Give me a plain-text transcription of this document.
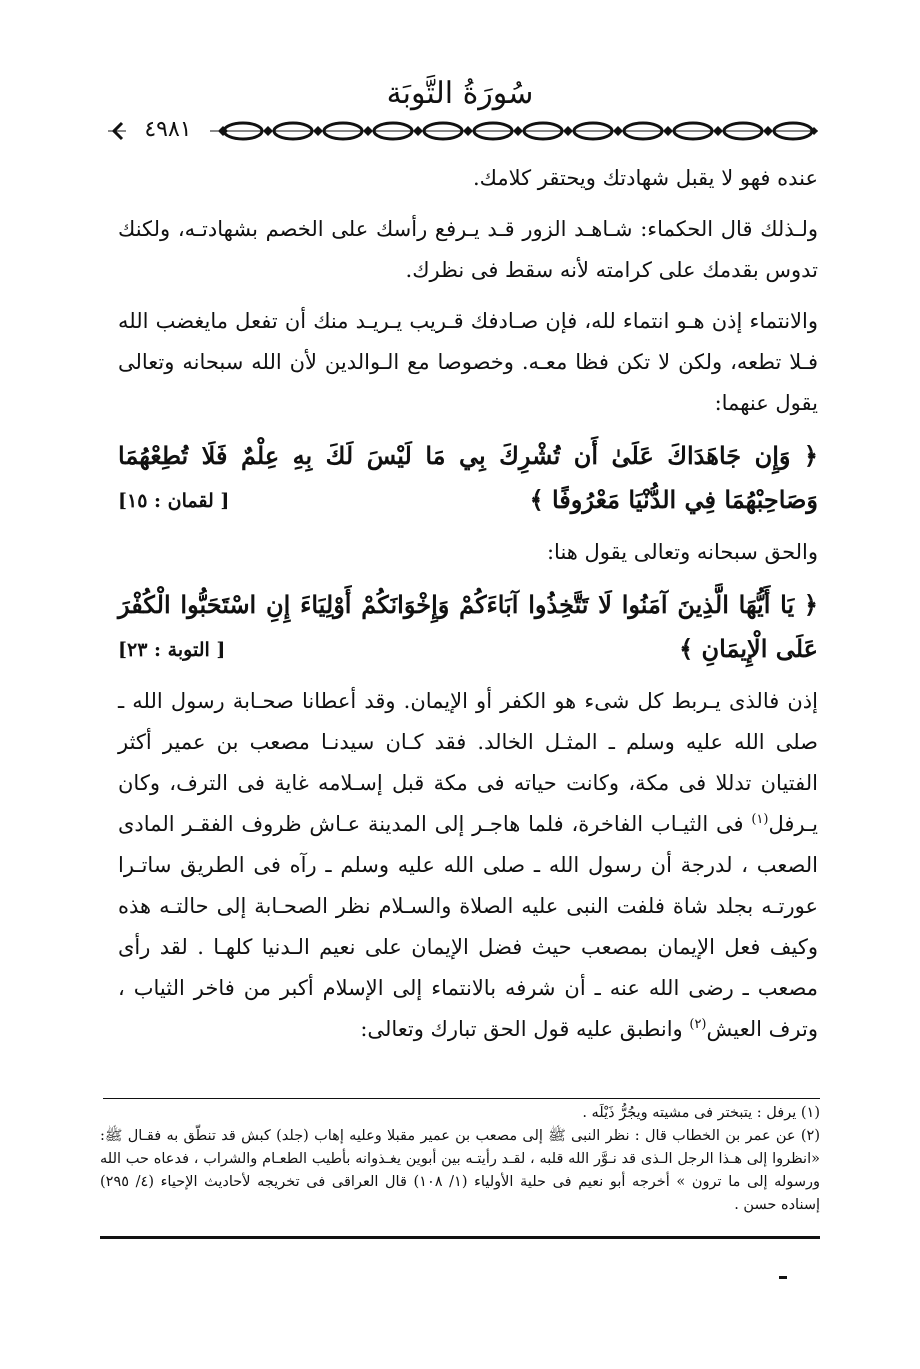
سُورَةُ التَّوبَة
٤٩٨١

عنده فهو لا يقبل شهادتك ويحتقر كلامك.

ولـذلك قال الحكماء: شـاهـد الزور قـد يـرفع رأسك على الخصم بشهادتـه، ولكنك تدوس بقدمك على كرامته لأنه سقط فى نظرك.

والانتماء إذن هـو انتماء لله، فإن صـادفك قـريب يـريـد منك أن تفعل مايغضب الله فـلا تطعه، ولكن لا تكن فظا معـه. وخصوصا مع الـوالدين لأن الله سبحانه وتعالى يقول عنهما:

﴿ وَإِن جَاهَدَاكَ عَلَىٰ أَن تُشْرِكَ بِي مَا لَيْسَ لَكَ بِهِ عِلْمٌ فَلَا تُطِعْهُمَا وَصَاحِبْهُمَا فِي الدُّنْيَا مَعْرُوفًا ﴾
[ لقمان : ١٥]

والحق سبحانه وتعالى يقول هنا:

﴿ يَا أَيُّهَا الَّذِينَ آمَنُوا لَا تَتَّخِذُوا آبَاءَكُمْ وَإِخْوَانَكُمْ أَوْلِيَاءَ إِنِ اسْتَحَبُّوا الْكُفْرَ عَلَى الْإِيمَانِ ﴾
[ التوبة : ٢٣]

إذن فالذى يـربط كل شىء هو الكفر أو الإيمان. وقد أعطانا صحـابة رسول الله ـ صلى الله عليه وسلم ـ المثـل الخالد. فقد كـان سيدنـا مصعب بن عمير أكثر الفتيان تدللا فى مكة، وكانت حياته فى مكة قبل إسـلامه غاية فى الترف، وكان يـرفل$^{(١)}$ فى الثيـاب الفاخرة، فلما هاجـر إلى المدينة عـاش ظروف الفقـر المادى الصعب ، لدرجة أن رسول الله ـ صلى الله عليه وسلم ـ رآه فى الطريق ساتـرا عورتـه بجلد شاة فلفت النبى عليه الصلاة والسـلام نظر الصحـابة إلى حالتـه هذه وكيف فعل الإيمان بمصعب حيث فضل الإيمان على نعيم الـدنيا كلهـا . لقد رأى مصعب ـ رضى الله عنه ـ أن شرفه بالانتماء إلى الإسلام أكبر من فاخر الثياب ، وترف العيش$^{(٢)}$ وانطبق عليه قول الحق تبارك وتعالى:

(١) يرفل : يتبختر فى مشيته ويجُرُّ ذَيْلَه .

(٢) عن عمر بن الخطاب قال : نظر النبى ﷺ إلى مصعب بن عمير مقبلا وعليه إهاب (جلد) كبش قد تنطّق به فقـال ﷺ: «انظروا إلى هـذا الرجل الـذى قد نـوَّر الله قلبه ، لقـد رأيتـه بين أبوين يغـذوانه بأطيب الطعـام والشراب ، فدعاه حب الله ورسوله إلى ما ترون » أخرجه أبو نعيم فى حلية الأولياء (١/ ١٠٨) قال العراقى فى تخريجه لأحاديث الإحياء (٤/ ٢٩٥) إسناده حسن .
